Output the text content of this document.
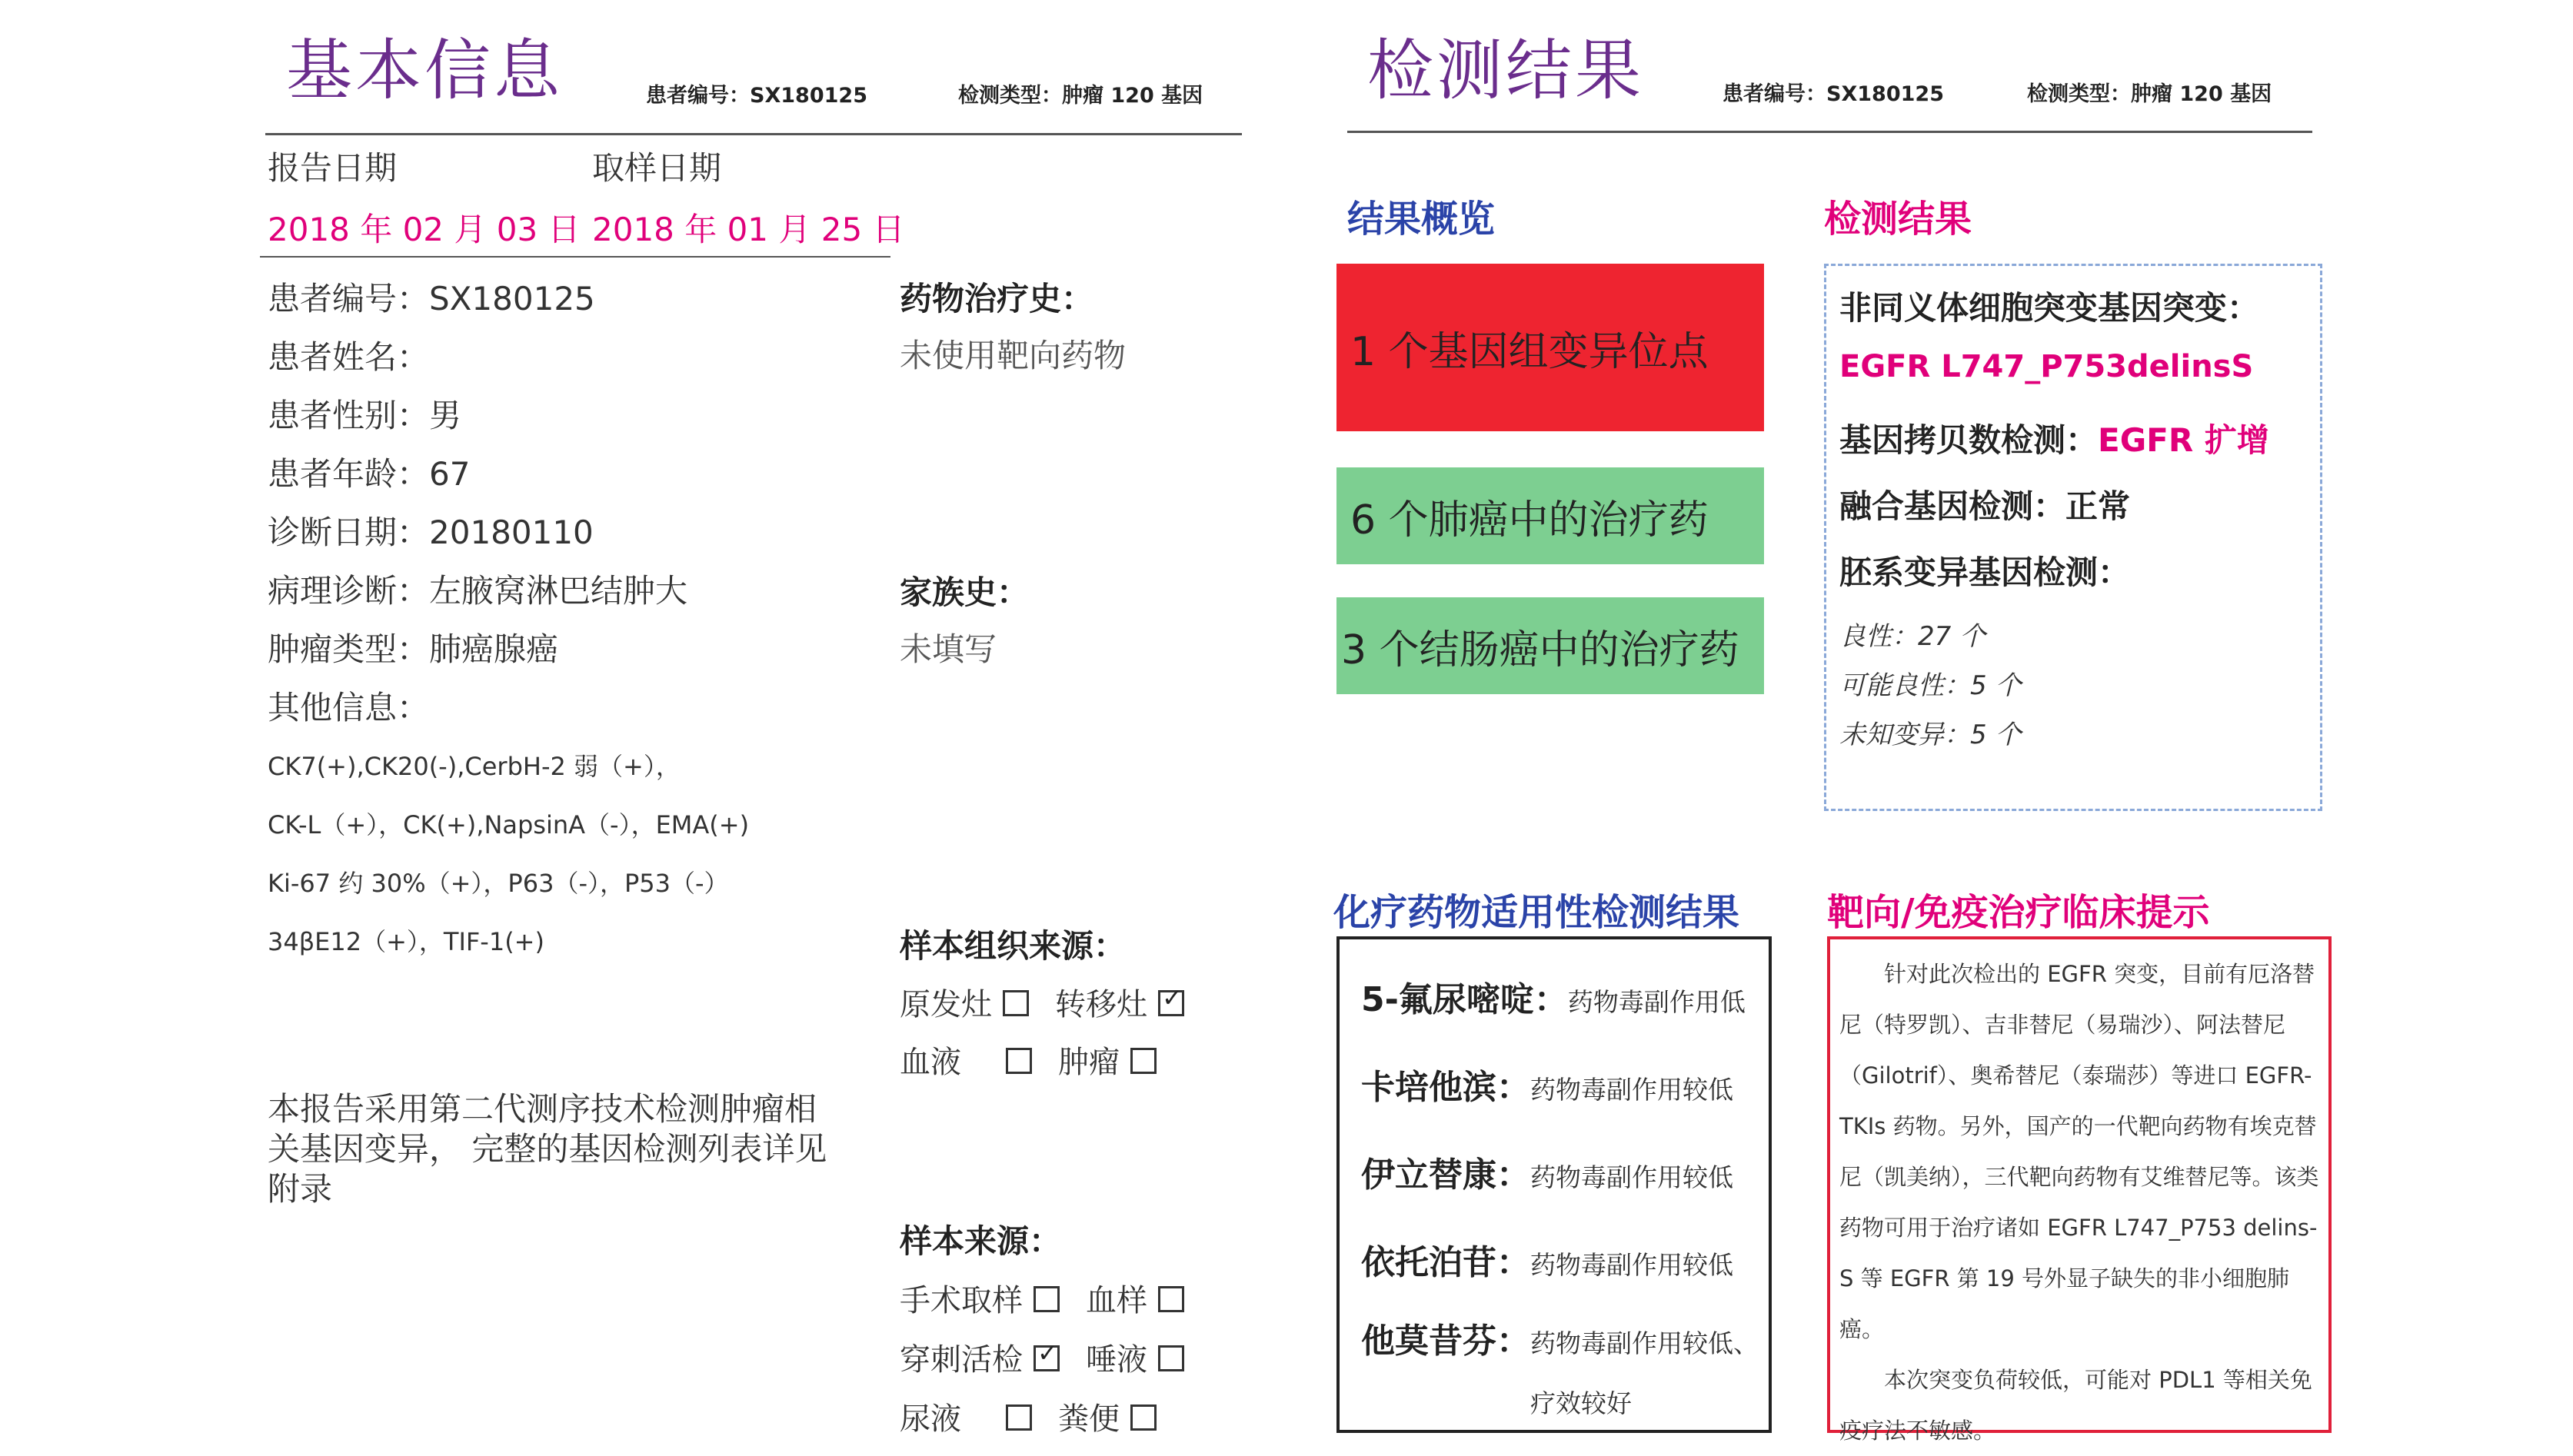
基本信息	患者编号：SX180125	检测类型：肿瘤 120 基因
报告日期	取样日期
2018 年 02 月 03 日 2018 年 01 月 25 日
患者编号：SX180125
患者姓名：
患者性别：男
患者年龄：67
诊断日期：20180110
病理诊断：左腋窝淋巴结肿大
肿瘤类型：肺癌腺癌
其他信息：
CK7(+),CK20(-),CerbH-2 弱（+），
CK-L（+），CK(+),NapsinA（-），EMA(+)
Ki-67 约 30%（+），P63（-），P53（-）
34βE12（+），TIF-1(+)
本报告采用第二代测序技术检测肿瘤相
关基因变异， 完整的基因检测列表详见
附录
药物治疗史：
未使用靶向药物
家族史：
未填写
样本组织来源：
原发灶 转移灶✓
血液	肿瘤
样本来源：
手术取样 血样
穿刺活检✓ 唾液
尿液	粪便
检测结果	患者编号：SX180125	检测类型：肿瘤 120 基因
结果概览
1 个基因组变异位点
6 个肺癌中的治疗药
3 个结肠癌中的治疗药
检测结果
非同义体细胞突变基因突变：
EGFR L747_P753delinsS
基因拷贝数检测：EGFR 扩增
融合基因检测：正常
胚系变异基因检测：
良性：27 个
可能良性：5 个
未知变异：5 个
化疗药物适用性检测结果
5-氟尿嘧啶：药物毒副作用低
卡培他滨：药物毒副作用较低
伊立替康：药物毒副作用较低
依托泊苷：药物毒副作用较低
他莫昔芬：药物毒副作用较低、
疗效较好
靶向/免疫治疗临床提示

针对此次检出的 EGFR 突变，目前有厄洛替尼（特罗凯）、吉非替尼（易瑞沙）、阿法替尼（Gilotrif）、奥希替尼（泰瑞莎）等进口 EGFR-TKIs 药物。另外，国产的一代靶向药物有埃克替尼（凯美纳），三代靶向药物有艾维替尼等。该类药物可用于治疗诸如 EGFR L747_P753 delins-S 等 EGFR 第 19 号外显子缺失的非小细胞肺癌。

本次突变负荷较低，可能对 PDL1 等相关免疫疗法不敏感。
